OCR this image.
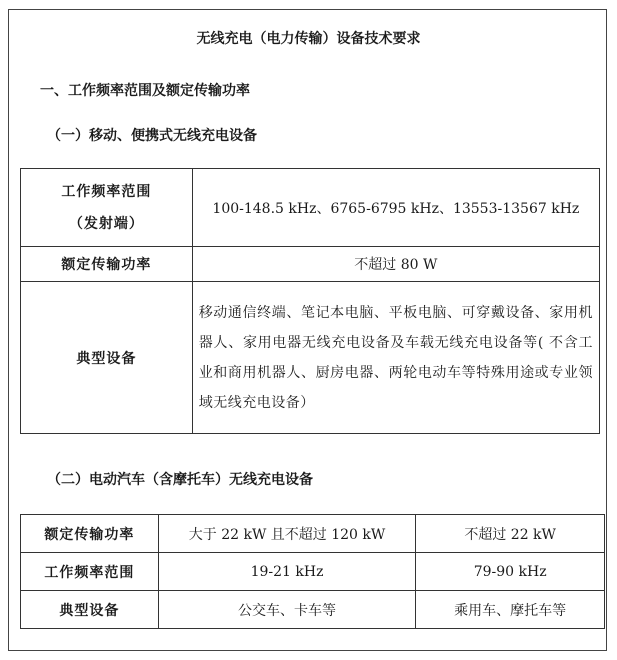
无线充电（电力传输）设备技术要求
一、工作频率范围及额定传输功率
（一）移动、便携式无线充电设备
工作频率范围
（发射端）	100-148.5 kHz、6765-6795 kHz、13553-13567 kHz
额定传输功率	不超过 80 W
典型设备	移动通信终端、笔记本电脑、平板电脑、可穿戴设备、家用机器人、家用电器无线充电设备及车载无线充电设备等( 不含工业和商用机器人、厨房电器、两轮电动车等特殊用途或专业领域无线充电设备）
（二）电动汽车（含摩托车）无线充电设备
额定传输功率	大于 22 kW 且不超过 120 kW	不超过 22 kW
工作频率范围	19-21 kHz	79-90 kHz
典型设备	公交车、卡车等	乘用车、摩托车等
